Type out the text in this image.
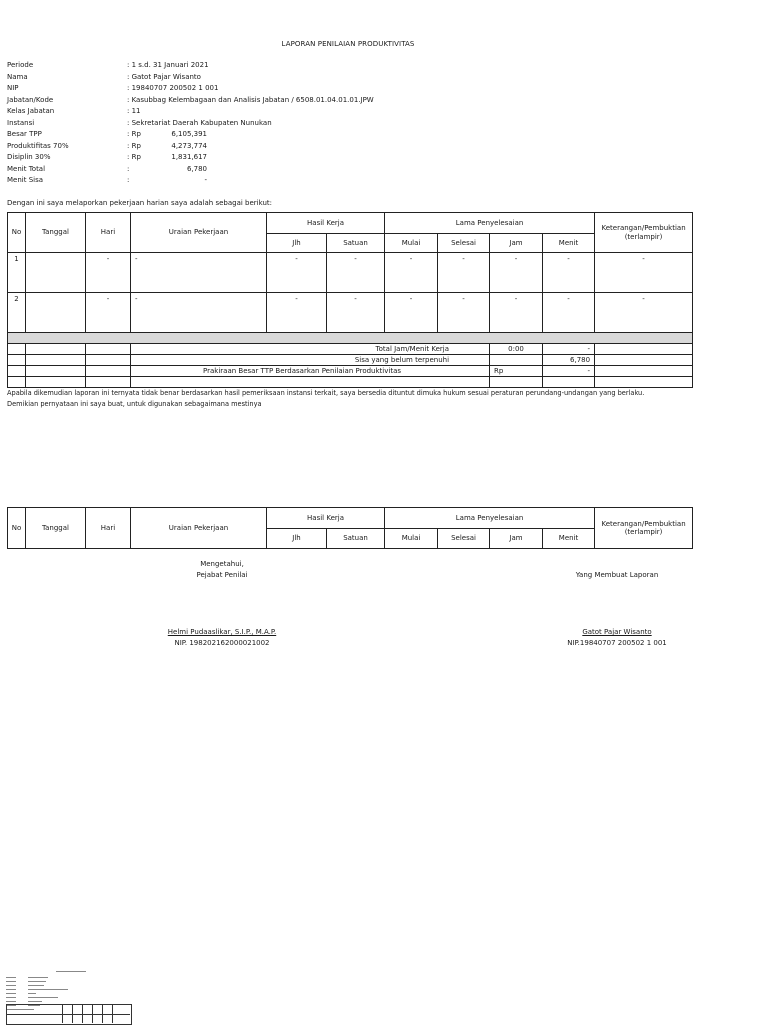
LAPORAN PENILAIAN PRODUKTIVITAS
Periode	: 1 s.d. 31 Januari 2021
Nama	: Gatot Pajar Wisanto
NIP	: 19840707 200502 1 001
Jabatan/Kode	: Kasubbag Kelembagaan dan Analisis Jabatan / 6508.01.04.01.01.JPW
Kelas Jabatan	: 11
Instansi	: Sekretariat Daerah Kabupaten Nunukan
Besar TPP	: Rp	6,105,391
Produktifitas 70%	: Rp	4,273,774
Disiplin 30%	: Rp	1,831,617
Menit Total	:	6,780
Menit Sisa	:	-
Dengan ini saya melaporkan pekerjaan harian saya adalah sebagai berikut:
No	Tanggal	Hari	Uraian Pekerjaan	Hasil Kerja		Lama Penyelesaian				Keterangan/Pembuktian (terlampir)
				Jlh	Satuan	Mulai	Selesai	Jam	Menit	
1		-	-	-	-	-	-	-	-	-
2		-	-	-	-	-	-	-	-	-

			Total Jam/Menit Kerja					0:00	-	
			Sisa yang belum terpenuhi						6,780	
			Prakiraan Besar TTP Berdasarkan Penilaian Produktivitas					Rp	-	

Apabila dikemudian laporan ini ternyata tidak benar berdasarkan hasil pemeriksaan instansi terkait, saya bersedia dituntut dimuka hukum sesuai peraturan perundang-undangan yang berlaku.
Demikian pernyataan ini saya buat, untuk digunakan sebagaimana mestinya
No	Tanggal	Hari	Uraian Pekerjaan	Hasil Kerja		Lama Penyelesaian				Keterangan/Pembuktian (terlampir)
				Jlh	Satuan	Mulai	Selesai	Jam	Menit	
Mengetahui,
Pejabat Penilai	Yang Membuat Laporan
Helmi Pudaaslikar, S.I.P., M.A.P.
NIP. 198202162000021002
Gatot Pajar Wisanto
NIP.19840707 200502 1 001
